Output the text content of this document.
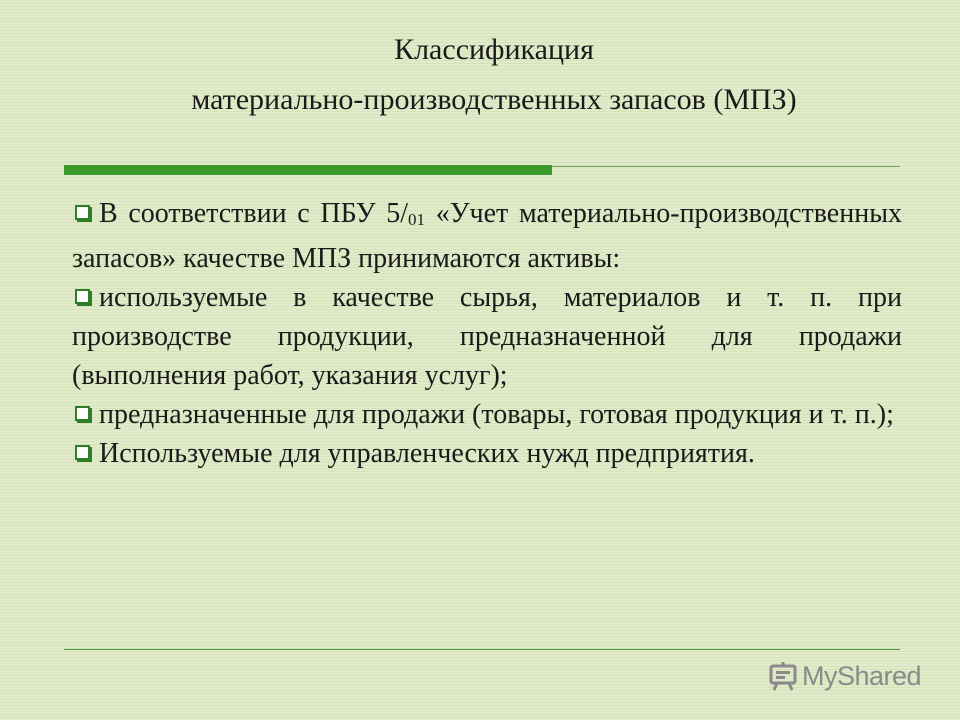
Классификация
материально-производственных запасов (МПЗ)
В соответствии с ПБУ 5/01 «Учет материально-производственных запасов» качестве МПЗ принимаются активы:
используемые в качестве сырья, материалов и т. п. при производстве продукции, предназначенной для продажи (выполнения работ, указания услуг);
предназначенные для продажи (товары, готовая продукция и т. п.);
Используемые для управленческих нужд предприятия.
MyShared
